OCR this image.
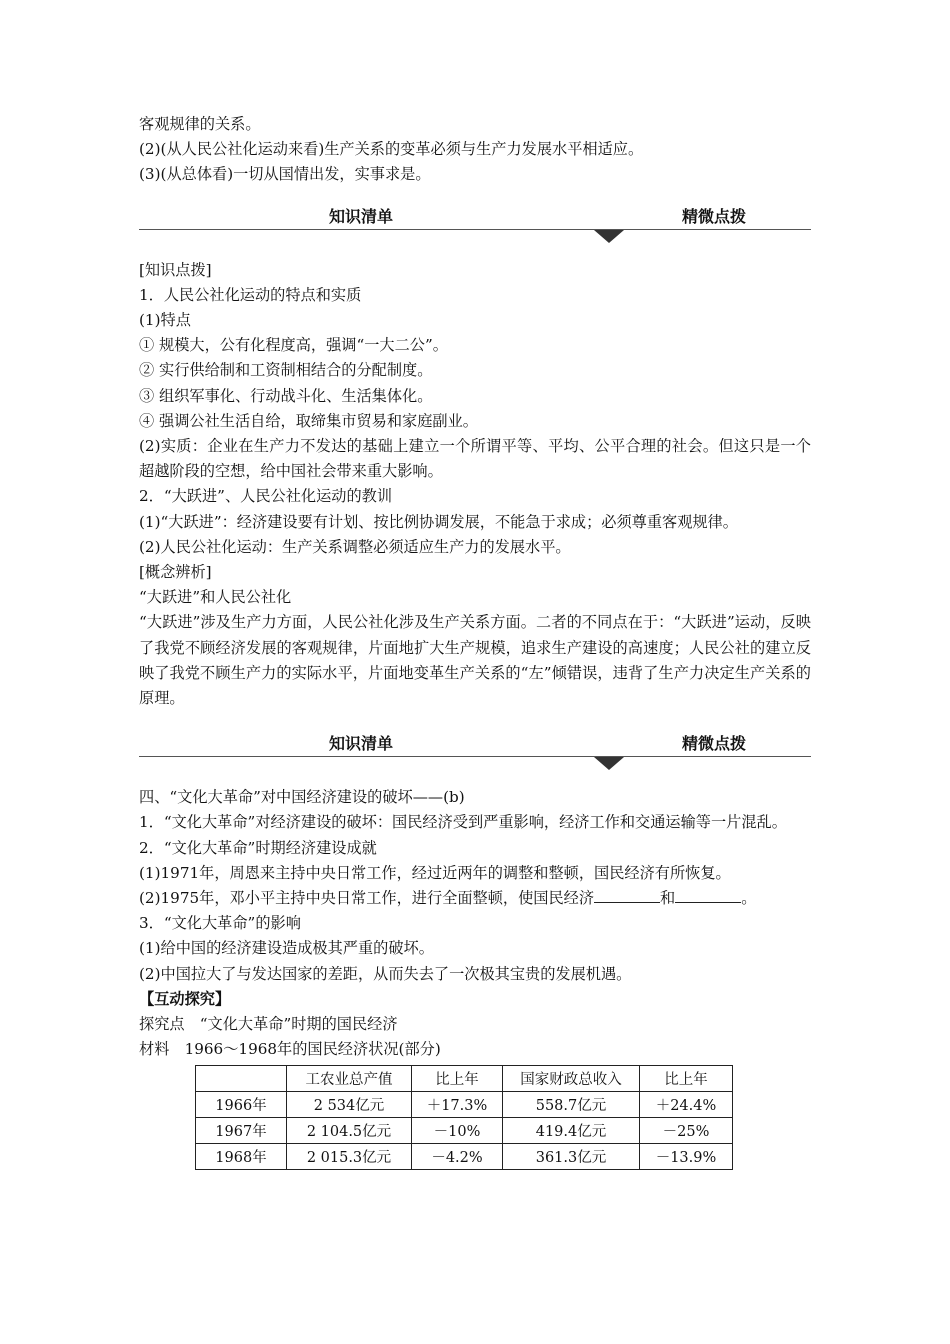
客观规律的关系。
(2)(从人民公社化运动来看)生产关系的变革必须与生产力发展水平相适应。
(3)(从总体看)一切从国情出发，实事求是。
知识清单	精微点拨
[知识点拨]
1．人民公社化运动的特点和实质
(1)特点
① 规模大，公有化程度高，强调“一大二公”。
② 实行供给制和工资制相结合的分配制度。
③ 组织军事化、行动战斗化、生活集体化。
④ 强调公社生活自给，取缔集市贸易和家庭副业。
(2)实质：企业在生产力不发达的基础上建立一个所谓平等、平均、公平合理的社会。但这只是一个超越阶段的空想，给中国社会带来重大影响。
2．“大跃进”、人民公社化运动的教训
(1)“大跃进”：经济建设要有计划、按比例协调发展，不能急于求成；必须尊重客观规律。
(2)人民公社化运动：生产关系调整必须适应生产力的发展水平。
[概念辨析]
“大跃进”和人民公社化
“大跃进”涉及生产力方面，人民公社化涉及生产关系方面。二者的不同点在于：“大跃进”运动，反映了我党不顾经济发展的客观规律，片面地扩大生产规模，追求生产建设的高速度；人民公社的建立反映了我党不顾生产力的实际水平，片面地变革生产关系的“左”倾错误，违背了生产力决定生产关系的原理。
知识清单	精微点拨
四、“文化大革命”对中国经济建设的破坏——(b)
1．“文化大革命”对经济建设的破坏：国民经济受到严重影响，经济工作和交通运输等一片混乱。
2．“文化大革命”时期经济建设成就
(1)1971年，周恩来主持中央日常工作，经过近两年的调整和整顿，国民经济有所恢复。
(2)1975年，邓小平主持中央日常工作，进行全面整顿，使国民经济	和	。
3．“文化大革命”的影响
(1)给中国的经济建设造成极其严重的破坏。
(2)中国拉大了与发达国家的差距，从而失去了一次极其宝贵的发展机遇。
【互动探究】
探究点　“文化大革命”时期的国民经济
材料　1966～1968年的国民经济状况(部分)
	工农业总产值	比上年	国家财政总收入	比上年
1966年	2 534亿元	＋17.3%	558.7亿元	＋24.4%
1967年	2 104.5亿元	－10%	419.4亿元	－25%
1968年	2 015.3亿元	－4.2%	361.3亿元	－13.9%
